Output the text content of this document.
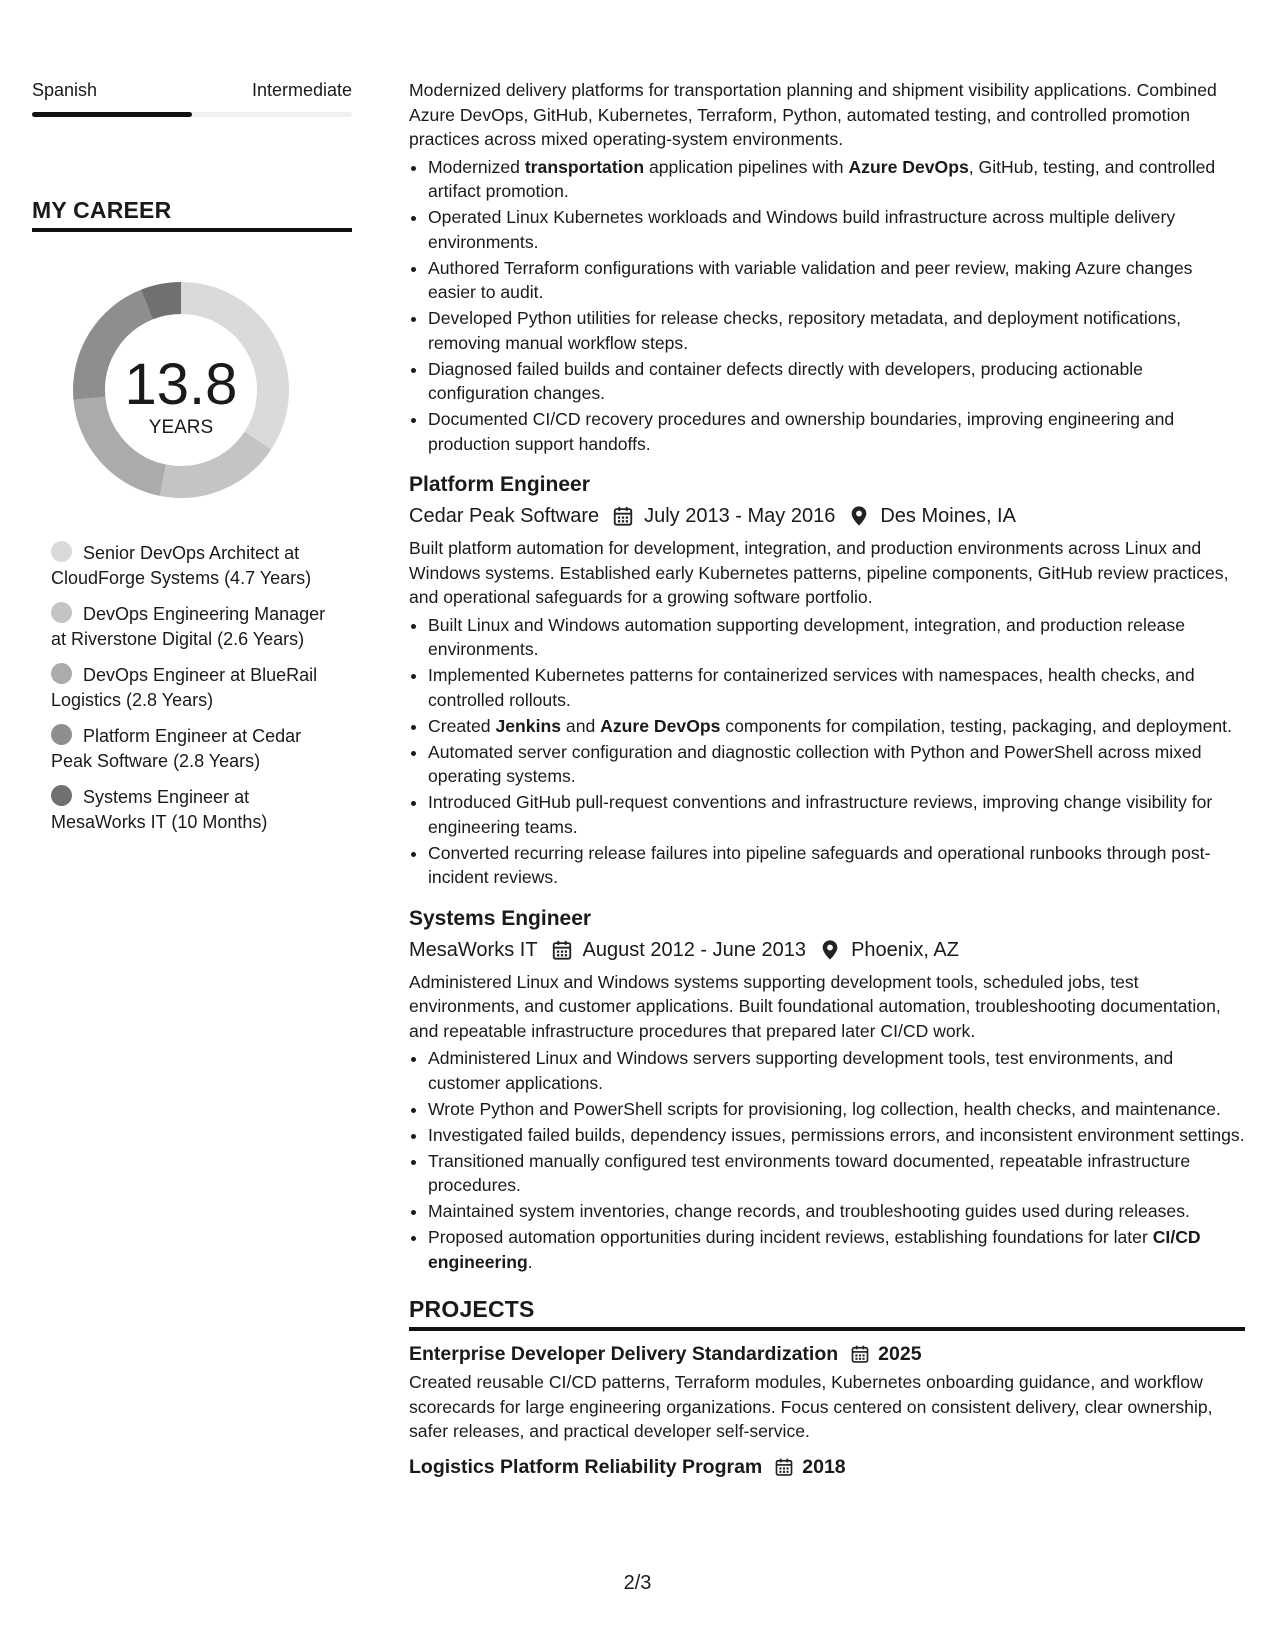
Spanish	Intermediate
MY CAREER
13.8
YEARS
Senior DevOps Architect at CloudForge Systems (4.7 Years)
DevOps Engineering Manager at Riverstone Digital (2.6 Years)
DevOps Engineer at BlueRail Logistics (2.8 Years)
Platform Engineer at Cedar Peak Software (2.8 Years)
Systems Engineer at MesaWorks IT (10 Months)

Modernized delivery platforms for transportation planning and shipment visibility applications. Combined Azure DevOps, GitHub, Kubernetes, Terraform, Python, automated testing, and controlled promotion practices across mixed operating-system environments.

• Modernized transportation application pipelines with Azure DevOps, GitHub, testing, and controlled artifact promotion.
• Operated Linux Kubernetes workloads and Windows build infrastructure across multiple delivery environments.
• Authored Terraform configurations with variable validation and peer review, making Azure changes easier to audit.
• Developed Python utilities for release checks, repository metadata, and deployment notifications, removing manual workflow steps.
• Diagnosed failed builds and container defects directly with developers, producing actionable configuration changes.
• Documented CI/CD recovery procedures and ownership boundaries, improving engineering and production support handoffs.
Platform Engineer
Cedar Peak Software July 2013 - May 2016 Des Moines, IA

Built platform automation for development, integration, and production environments across Linux and Windows systems. Established early Kubernetes patterns, pipeline components, GitHub review practices, and operational safeguards for a growing software portfolio.

• Built Linux and Windows automation supporting development, integration, and production release environments.
• Implemented Kubernetes patterns for containerized services with namespaces, health checks, and controlled rollouts.
• Created Jenkins and Azure DevOps components for compilation, testing, packaging, and deployment.
• Automated server configuration and diagnostic collection with Python and PowerShell across mixed operating systems.
• Introduced GitHub pull-request conventions and infrastructure reviews, improving change visibility for engineering teams.
• Converted recurring release failures into pipeline safeguards and operational runbooks through post-incident reviews.
Systems Engineer
MesaWorks IT August 2012 - June 2013 Phoenix, AZ

Administered Linux and Windows systems supporting development tools, scheduled jobs, test environments, and customer applications. Built foundational automation, troubleshooting documentation, and repeatable infrastructure procedures that prepared later CI/CD work.

• Administered Linux and Windows servers supporting development tools, test environments, and customer applications.
• Wrote Python and PowerShell scripts for provisioning, log collection, health checks, and maintenance.
• Investigated failed builds, dependency issues, permissions errors, and inconsistent environment settings.
• Transitioned manually configured test environments toward documented, repeatable infrastructure procedures.
• Maintained system inventories, change records, and troubleshooting guides used during releases.
• Proposed automation opportunities during incident reviews, establishing foundations for later CI/CD engineering.
PROJECTS
Enterprise Developer Delivery Standardization 2025

Created reusable CI/CD patterns, Terraform modules, Kubernetes onboarding guidance, and workflow scorecards for large engineering organizations. Focus centered on consistent delivery, clear ownership, safer releases, and practical developer self-service.

Logistics Platform Reliability Program 2018
2/3
